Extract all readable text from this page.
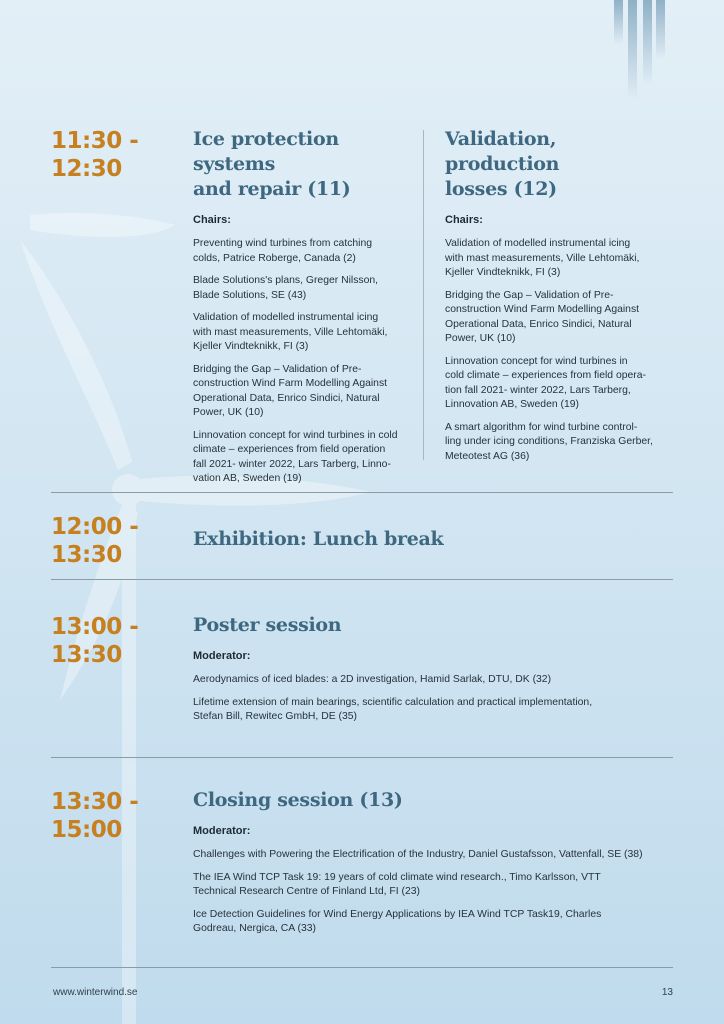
11:30 -
12:30
Ice protection systems
and repair (11)
Chairs:

Preventing wind turbines from catching
colds, Patrice Roberge, Canada (2)

Blade Solutions's plans, Greger Nilsson,
Blade Solutions, SE (43)

Validation of modelled instrumental icing
with mast measurements, Ville Lehtomäki,
Kjeller Vindteknikk, FI (3)

Bridging the Gap – Validation of Pre-
construction Wind Farm Modelling Against
Operational Data, Enrico Sindici, Natural
Power, UK (10)

Linnovation concept for wind turbines in cold
climate – experiences from field operation
fall 2021- winter 2022, Lars Tarberg, Linno-
vation AB, Sweden (19)

Validation, production
losses (12)
Chairs:

Validation of modelled instrumental icing
with mast measurements, Ville Lehtomäki,
Kjeller Vindteknikk, FI (3)

Bridging the Gap – Validation of Pre-
construction Wind Farm Modelling Against
Operational Data, Enrico Sindici, Natural
Power, UK (10)

Linnovation concept for wind turbines in
cold climate – experiences from field opera-
tion fall 2021- winter 2022, Lars Tarberg,
Linnovation AB, Sweden (19)

A smart algorithm for wind turbine control-
ling under icing conditions, Franziska Gerber,
Meteotest AG (36)

12:00 -
13:30
Exhibition: Lunch break
13:00 -
13:30
Poster session
Moderator:

Aerodynamics of iced blades: a 2D investigation, Hamid Sarlak, DTU, DK (32)

Lifetime extension of main bearings, scientific calculation and practical implementation,
Stefan Bill, Rewitec GmbH, DE (35)

13:30 -
15:00
Closing session (13)
Moderator:

Challenges with Powering the Electrification of the Industry, Daniel Gustafsson, Vattenfall, SE (38)

The IEA Wind TCP Task 19: 19 years of cold climate wind research., Timo Karlsson, VTT
Technical Research Centre of Finland Ltd, FI (23)

Ice Detection Guidelines for Wind Energy Applications by IEA Wind TCP Task19, Charles
Godreau, Nergica, CA (33)

www.winterwind.se	13
